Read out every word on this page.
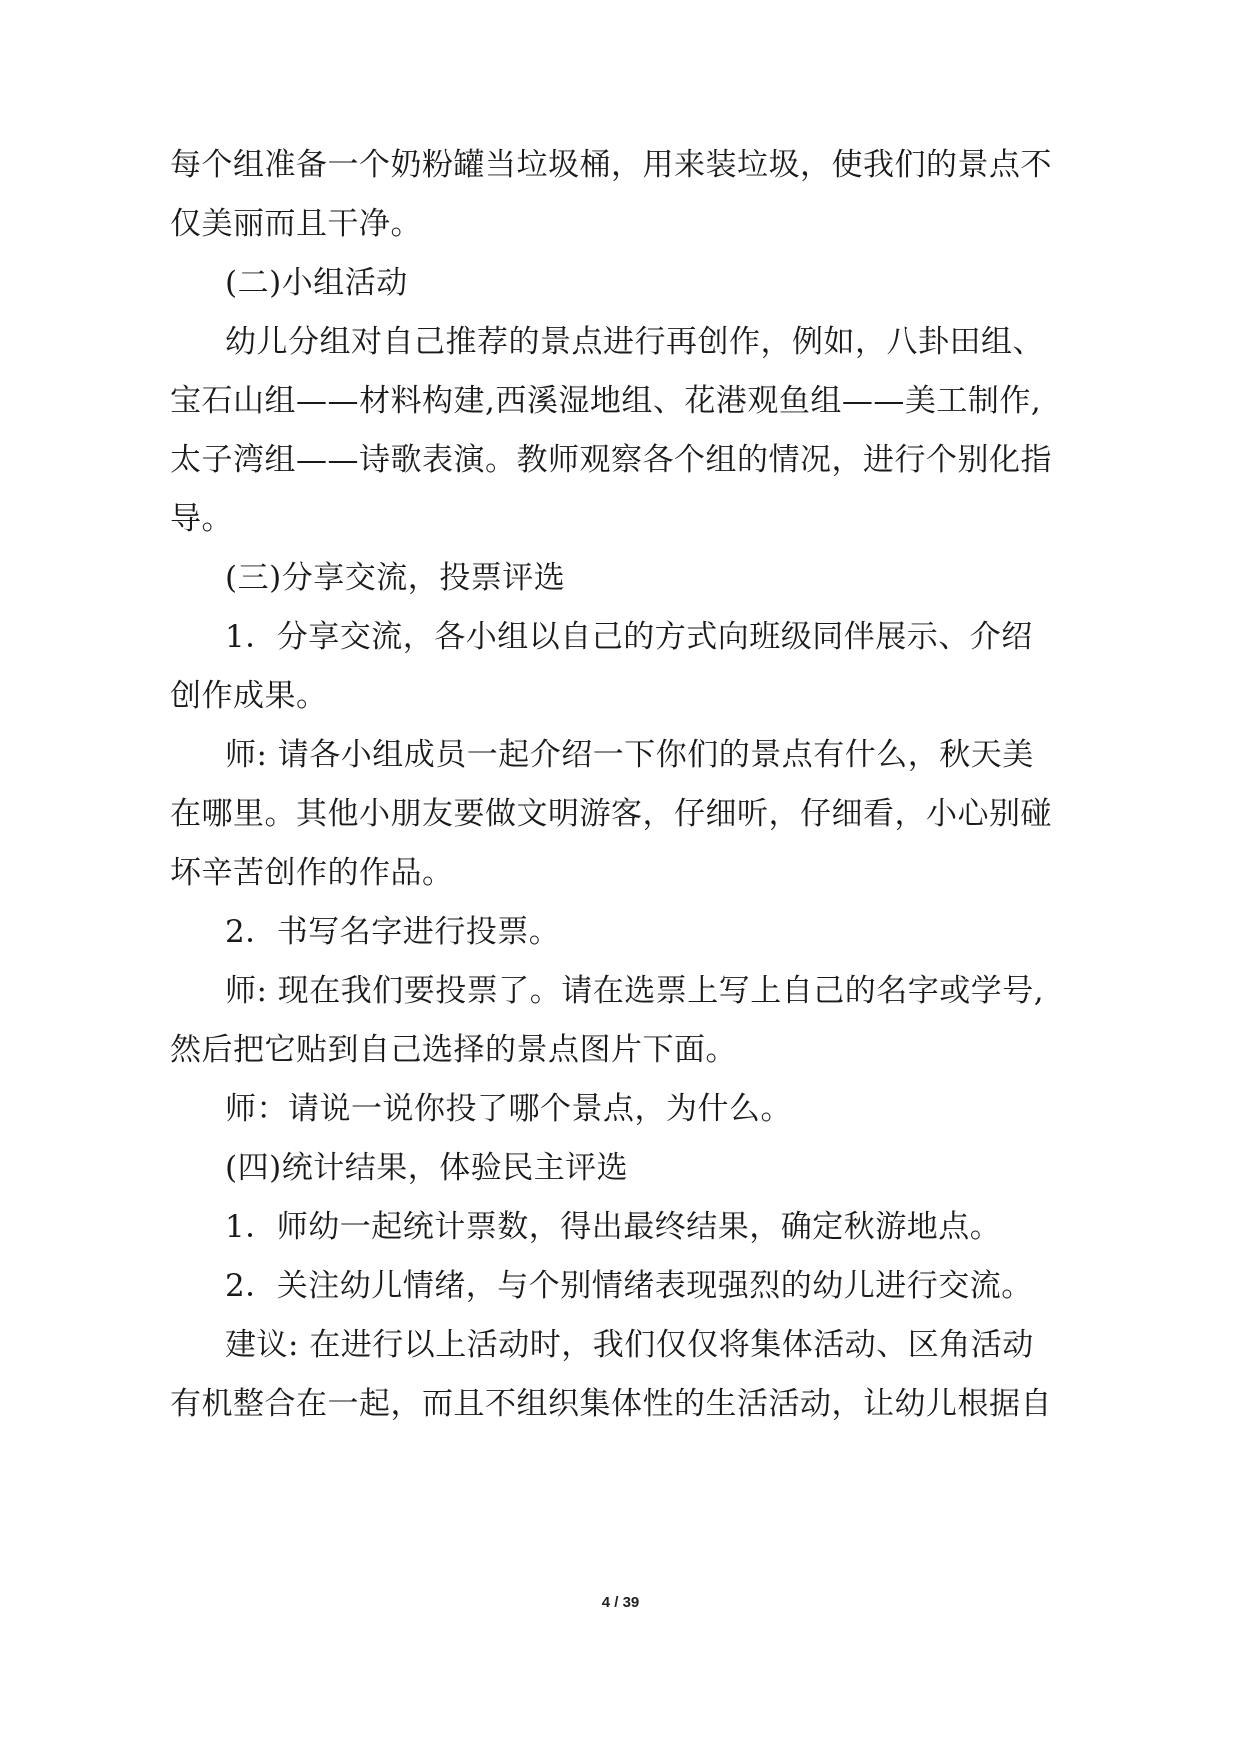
每个组准备一个奶粉罐当垃圾桶，用来装垃圾，使我们的景点不
仅美丽而且干净。
(二)小组活动
幼儿分组对自己推荐的景点进行再创作，例如，八卦田组、
宝石山组——材料构建,西溪湿地组、花港观鱼组——美工制作,
太子湾组——诗歌表演。教师观察各个组的情况，进行个别化指
导。
(三)分享交流，投票评选
1．分享交流，各小组以自己的方式向班级同伴展示、介绍
创作成果。
师: 请各小组成员一起介绍一下你们的景点有什么，秋天美
在哪里。其他小朋友要做文明游客，仔细听，仔细看，小心别碰
坏辛苦创作的作品。
2．书写名字进行投票。
师: 现在我们要投票了。请在选票上写上自己的名字或学号,
然后把它贴到自己选择的景点图片下面。
师：请说一说你投了哪个景点，为什么。
(四)统计结果，体验民主评选
1．师幼一起统计票数，得出最终结果，确定秋游地点。
2．关注幼儿情绪，与个别情绪表现强烈的幼儿进行交流。
建议: 在进行以上活动时，我们仅仅将集体活动、区角活动
有机整合在一起，而且不组织集体性的生活活动，让幼儿根据自
4 / 39
